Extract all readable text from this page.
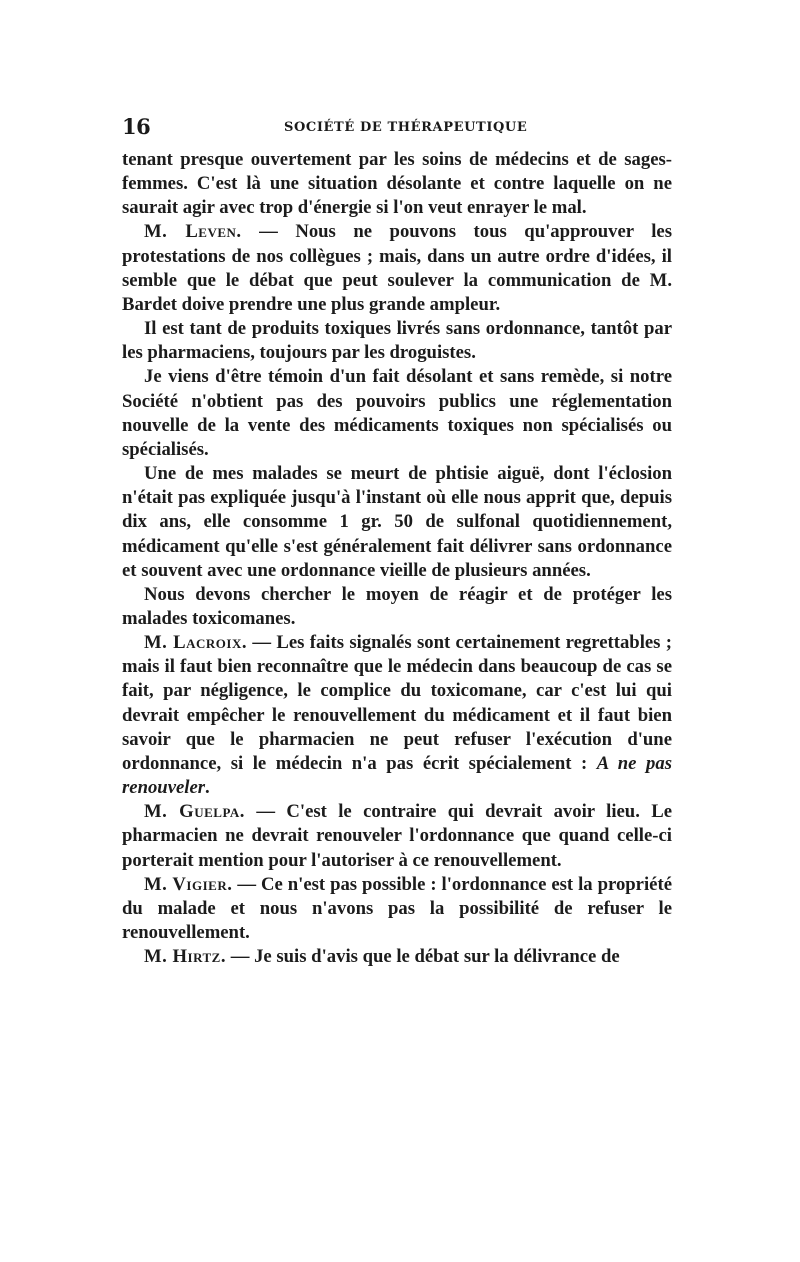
16	SOCIÉTÉ DE THÉRAPEUTIQUE

tenant presque ouvertement par les soins de médecins et de sages-femmes. C'est là une situation désolante et contre laquelle on ne saurait agir avec trop d'énergie si l'on veut enrayer le mal.

M. Leven. — Nous ne pouvons tous qu'approuver les protestations de nos collègues ; mais, dans un autre ordre d'idées, il semble que le débat que peut soulever la communication de M. Bardet doive prendre une plus grande ampleur.

Il est tant de produits toxiques livrés sans ordonnance, tantôt par les pharmaciens, toujours par les droguistes.

Je viens d'être témoin d'un fait désolant et sans remède, si notre Société n'obtient pas des pouvoirs publics une réglementation nouvelle de la vente des médicaments toxiques non spécialisés ou spécialisés.

Une de mes malades se meurt de phtisie aiguë, dont l'éclosion n'était pas expliquée jusqu'à l'instant où elle nous apprit que, depuis dix ans, elle consomme 1 gr. 50 de sulfonal quotidiennement, médicament qu'elle s'est généralement fait délivrer sans ordonnance et souvent avec une ordonnance vieille de plusieurs années.

Nous devons chercher le moyen de réagir et de protéger les malades toxicomanes.

M. Lacroix. — Les faits signalés sont certainement regrettables ; mais il faut bien reconnaître que le médecin dans beaucoup de cas se fait, par négligence, le complice du toxicomane, car c'est lui qui devrait empêcher le renouvellement du médicament et il faut bien savoir que le pharmacien ne peut refuser l'exécution d'une ordonnance, si le médecin n'a pas écrit spécialement : A ne pas renouveler.

M. Guelpa. — C'est le contraire qui devrait avoir lieu. Le pharmacien ne devrait renouveler l'ordonnance que quand celle-ci porterait mention pour l'autoriser à ce renouvellement.

M. Vigier. — Ce n'est pas possible : l'ordonnance est la propriété du malade et nous n'avons pas la possibilité de refuser le renouvellement.

M. Hirtz. — Je suis d'avis que le débat sur la délivrance de
